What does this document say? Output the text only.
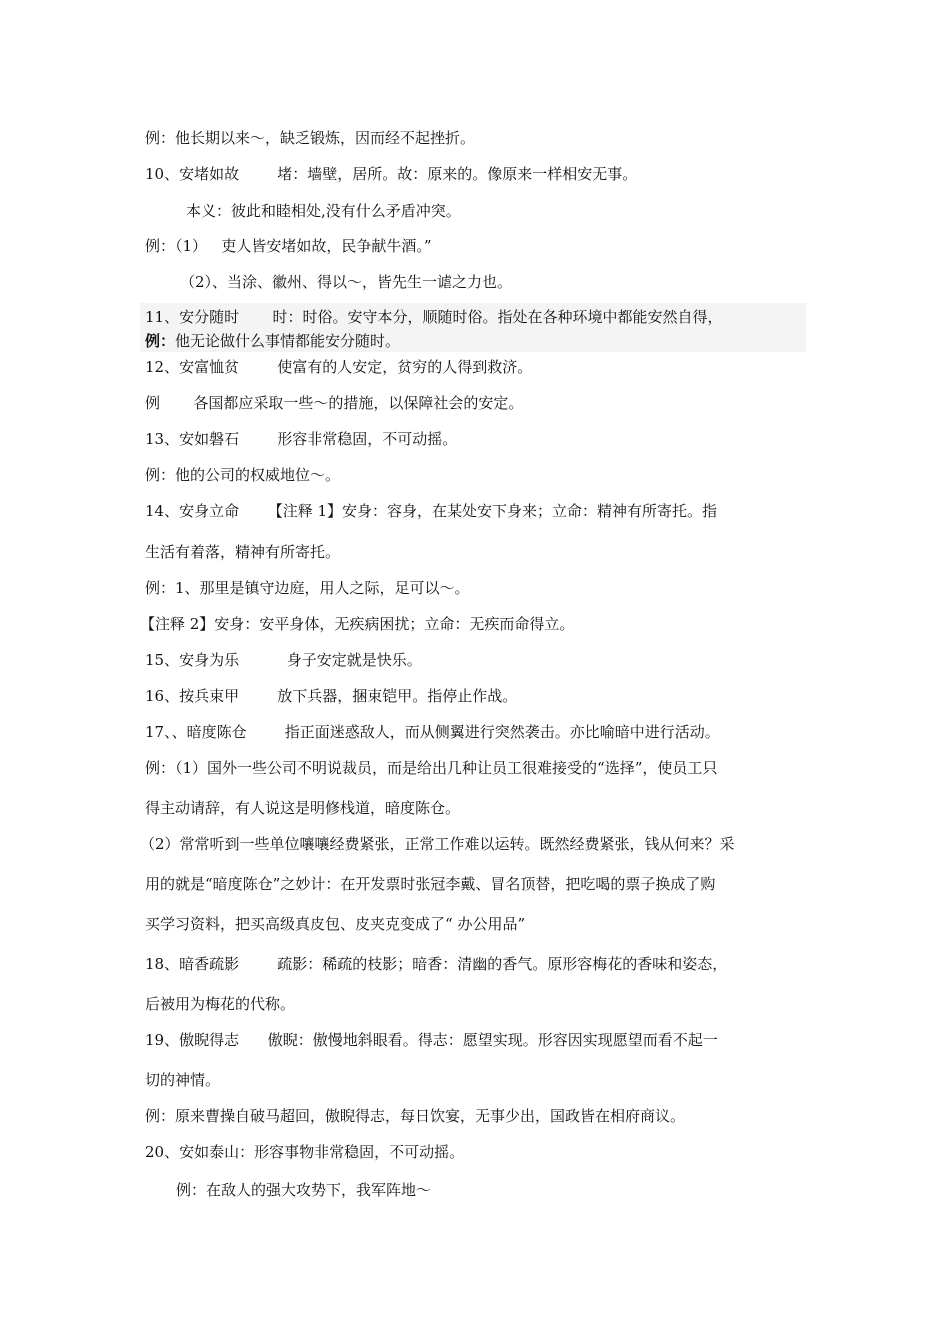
例：他长期以来～，缺乏锻炼，因而经不起挫折。
10、安堵如故        堵：墙壁，居所。故：原来的。像原来一样相安无事。
本义：彼此和睦相处,没有什么矛盾冲突。
例：（1）   吏人皆安堵如故，民争献牛酒。”
（2）、当涂、徽州、得以～，皆先生一谑之力也。
11、安分随时       时：时俗。安守本分，顺随时俗。指处在各种环境中都能安然自得，
例：他无论做什么事情都能安分随时。
12、安富恤贫        使富有的人安定，贫穷的人得到救济。
例       各国都应采取一些～的措施，以保障社会的安定。
13、安如磐石        形容非常稳固，不可动摇。
例：他的公司的权威地位～。
14、安身立命      【注释 1】安身：容身，在某处安下身来；立命：精神有所寄托。指
生活有着落，精神有所寄托。
例：1、那里是镇守边庭，用人之际，足可以～。
【注释 2】安身：安平身体，无疾病困扰；立命：无疾而命得立。
15、安身为乐          身子安定就是快乐。
16、按兵束甲        放下兵器，捆束铠甲。指停止作战。
17、、暗度陈仓        指正面迷惑敌人，而从侧翼进行突然袭击。亦比喻暗中进行活动。
例：（1）国外一些公司不明说裁员，而是给出几种让员工很难接受的“选择”，使员工只
得主动请辞，有人说这是明修栈道，暗度陈仓。
（2）常常听到一些单位嚷嚷经费紧张，正常工作难以运转。既然经费紧张，钱从何来？采
用的就是“暗度陈仓”之妙计：在开发票时张冠李戴、冒名顶替，把吃喝的票子换成了购
买学习资料，把买高级真皮包、皮夹克变成了“ 办公用品”
18、暗香疏影        疏影：稀疏的枝影；暗香：清幽的香气。原形容梅花的香味和姿态，
后被用为梅花的代称。
19、傲睨得志      傲睨：傲慢地斜眼看。得志：愿望实现。形容因实现愿望而看不起一
切的神情。
例：原来曹操自破马超回，傲睨得志，每日饮宴，无事少出，国政皆在相府商议。
20、安如泰山：形容事物非常稳固，不可动摇。
例：在敌人的强大攻势下，我军阵地～
